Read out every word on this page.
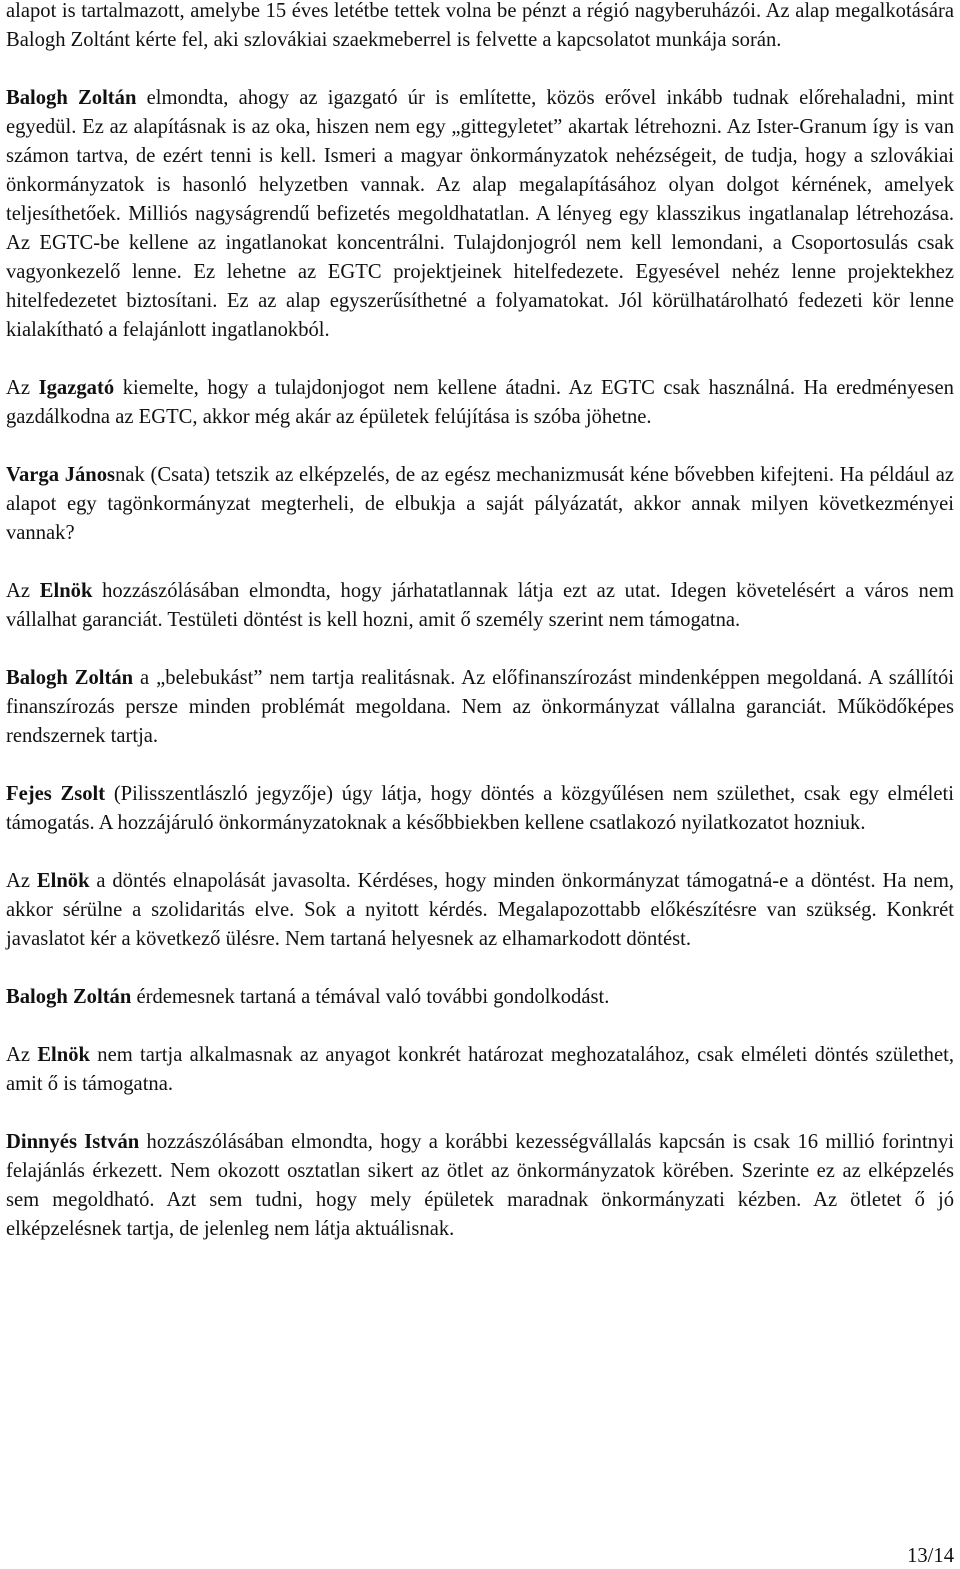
alapot is tartalmazott, amelybe 15 éves letétbe tettek volna be pénzt a régió nagyberuházói. Az alap megalkotására Balogh Zoltánt kérte fel, aki szlovákiai szaekmeberrel is felvette a kapcsolatot munkája során.

Balogh Zoltán elmondta, ahogy az igazgató úr is említette, közös erővel inkább tudnak előrehaladni, mint egyedül. Ez az alapításnak is az oka, hiszen nem egy „gittegyletet” akartak létrehozni. Az Ister-Granum így is van számon tartva, de ezért tenni is kell. Ismeri a magyar önkormányzatok nehézségeit, de tudja, hogy a szlovákiai önkormányzatok is hasonló helyzetben vannak. Az alap megalapításához olyan dolgot kérnének, amelyek teljesíthetőek. Milliós nagyságrendű befizetés megoldhatatlan. A lényeg egy klasszikus ingatlanalap létrehozása. Az EGTC-be kellene az ingatlanokat koncentrálni. Tulajdonjogról nem kell lemondani, a Csoportosulás csak vagyonkezelő lenne. Ez lehetne az EGTC projektjeinek hitelfedezete. Egyesével nehéz lenne projektekhez hitelfedezetet biztosítani. Ez az alap egyszerűsíthetné a folyamatokat. Jól körülhatárolható fedezeti kör lenne kialakítható a felajánlott ingatlanokból.

Az Igazgató kiemelte, hogy a tulajdonjogot nem kellene átadni. Az EGTC csak használná. Ha eredményesen gazdálkodna az EGTC, akkor még akár az épületek felújítása is szóba jöhetne.

Varga Jánosnak (Csata) tetszik az elképzelés, de az egész mechanizmusát kéne bővebben kifejteni. Ha például az alapot egy tagönkormányzat megterheli, de elbukja a saját pályázatát, akkor annak milyen következményei vannak?

Az Elnök hozzászólásában elmondta, hogy járhatatlannak látja ezt az utat. Idegen követelésért a város nem vállalhat garanciát. Testületi döntést is kell hozni, amit ő személy szerint nem támogatna.

Balogh Zoltán a „belebukást” nem tartja realitásnak. Az előfinanszírozást mindenképpen megoldaná. A szállítói finanszírozás persze minden problémát megoldana. Nem az önkormányzat vállalna garanciát. Működőképes rendszernek tartja.

Fejes Zsolt (Pilisszentlászló jegyzője) úgy látja, hogy döntés a közgyűlésen nem születhet, csak egy elméleti támogatás. A hozzájáruló önkormányzatoknak a későbbiekben kellene csatlakozó nyilatkozatot hozniuk.

Az Elnök a döntés elnapolását javasolta. Kérdéses, hogy minden önkormányzat támogatná-e a döntést. Ha nem, akkor sérülne a szolidaritás elve. Sok a nyitott kérdés. Megalapozottabb előkészítésre van szükség. Konkrét javaslatot kér a következő ülésre. Nem tartaná helyesnek az elhamarkodott döntést.

Balogh Zoltán érdemesnek tartaná a témával való további gondolkodást.

Az Elnök nem tartja alkalmasnak az anyagot konkrét határozat meghozatalához, csak elméleti döntés születhet, amit ő is támogatna.

Dinnyés István hozzászólásában elmondta, hogy a korábbi kezességvállalás kapcsán is csak 16 millió forintnyi felajánlás érkezett. Nem okozott osztatlan sikert az ötlet az önkormányzatok körében. Szerinte ez az elképzelés sem megoldható. Azt sem tudni, hogy mely épületek maradnak önkormányzati kézben. Az ötletet ő jó elképzelésnek tartja, de jelenleg nem látja aktuálisnak.

13/14
